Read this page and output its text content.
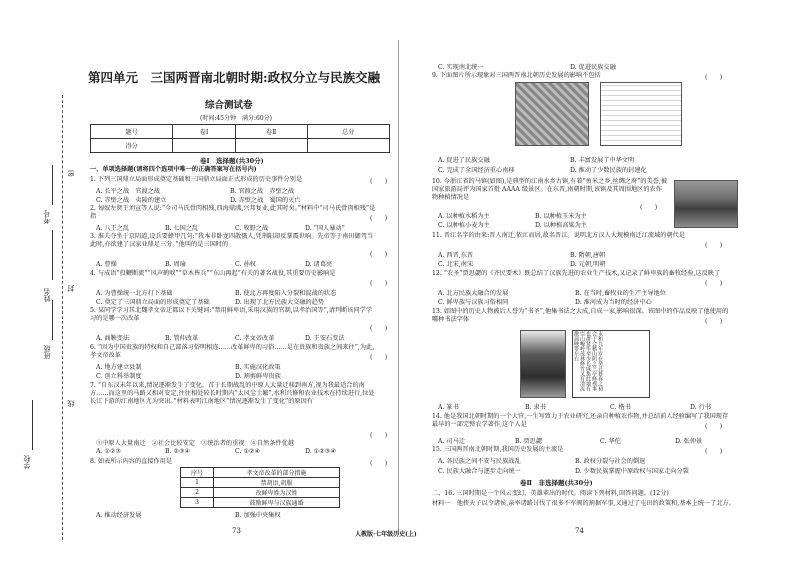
第四单元　三国两晋南北朝时期:政权分立与民族交融
综合测试卷
(时间:45分钟　满分:60分)
题号	卷Ⅰ	卷Ⅱ	总分
得分			
卷Ⅰ　选择题(共30分)
一、单项选择题(请将四个选项中唯一的正确答案写在括号内)
密
封
线
学校
班级
姓名
考号
1. 下列三国鼎立局面形成奠定基础和三国鼎立局面正式形成的历史事件分别是	(　　)
A. 长平之战　官渡之战	B. 官渡之战　赤壁之战
C. 赤壁之战　夷陵的建立	D. 赤壁之战　蜀国的灭亡
2. 匈奴左贤王刘宣等人说:“今司马氏骨肉相残,四海鼎沸,兴邦复业,此其时矣。”材料中“司马氏骨肉相残”是指	(　　)
A. 八王之乱	B. 七国之乱	C. 牧野之战	D. “国人暴动”
3. 淮夫夺坐于京阴道,设兵要蜂甲几句:“我本非卧龙四散俄人,凭荆阳却反掌震世响。先帝等于南田御驾当此时,亦欲建了汉家业鼎足三分。”他叫的是三国时的
(　　)
A. 曹操	B. 周瑜	C. 孙权	D. 诸葛亮
4. 与成语“投鞭断流”“风声鹤唳”“草木皆兵”“东山再起”有关的著名战役,其重要历史影响是
(　　)
A. 为曹操统一北方打下基础	B. 使北方再度陷入分裂和混战的状态
C. 奠定了三国鼎立局面的形成奠定了基础	D. 出现了北方民族大交融的趋势
5. 某同学学习其北魏孝文帝迁都以下关键词:“禁用鲜卑语,采用汉族的官制,以孝治国等”,请判断该同学学习的是哪一次改革
(　　)
A. 商鞅变法	B. 管仲改革	C. 孝文帝改革	D. 王安石变法
6. “因为中国贵族的特权和自己部落习俗明相连……改革鲜卑的习俗……是在贵族和贵族之间来往”,为此,孝文帝改革	(　　)
A. 地方建立县制	B. 实施汉化政策
C. 创立科举制度	D. 割剪鲜卑贵族
7. “自东汉末年以来,情况逐渐发生了变化。首于长期战乱的中原人大量迁移到南方,视为我最适合的南方……而这里的马路又相对安定,往往相处较长时期内“太风尘土繁”,水利兴修和农业技术在持续进行,位处长江下游的江南地区尤为突出。”材料表明江南地区“情况逐渐发生了变化”的原因有
(　　)
①中原人大量南迁　②社会比较安定　③统治者的重视　④自然条件优越
A. ①②③	B. ②③④	C. ①②④	D. ①②③④
8. 如表所示内容的直接作用是	(　　)
序号	孝文帝改革的部分措施
1	禁胡语,胡服
2	改鲜卑姓为汉姓
3	鼓励鲜卑与汉族通婚
A. 推动经济发展	B. 加强中央集权
73
C. 实现南北统一	D. 促进民族交融
9. 下面图片所示现象对三国两晋南北朝历史发展的影响不包括	(　　)
A. 促进了民族交融	B. 丰富发展了中华文明
C. 完成了全国经济重心南移	D. 推动了少数民族的封建化
10. 今浙江省的马镇(如图),是典型的江南水乡古镇,有着“鱼米之乡,丝绸之府”的美誉,被国家旅游局评为国家首批 AAAA 级景区。在东晋,南朝时期,该镇及其周围地区的农作物种植情况是
(　　)
A. 以种植水稻为主	B. 以种植玉米为主
C. 以种植小麦为主	D. 以种植高粱为主
11. 晋江名字的由来:晋人南迁,依江而居,故名晋江。说明北方汉人大规模南迁江流域的朝代是
(　　)
A. 西晋,东晋	B. 隋朝,唐朝
C. 北宋,南宋	D. 元朝,明朝
12. “农圣”贾思勰的《齐民要术》既总结了汉族先进的农业生产技术,又记录了鲜卑族的畜牧经验,这反映了
(　　)
A. 北方民族大融合的发展	B. 在当时,畜牧业的生产主导地位
C. 鲜卑族与汉族习俗相同	D. 淮河成为当时的经济中心
13. 如图中的历史人物被后人誉为“书圣”,他集书法之大成,自成一家,影响很深。该图中的作品反映了他使用的哪种书法字体	(　　)
永和九年岁在癸丑暮春之初会于会稽山阴之兰亭修禊事也群贤毕至少长咸集此地有崇山峻岭茂林修竹又有清流激湍映带左右
A. 篆书	B. 隶书	C. 楷书	D. 行书
14. 他是我国北朝时期的一个大官,一生写致力于农业研究,还亲自种植农作物,并总结前人经验编写了我国现存最早的一部完整农学著作,这个人是	(　　)
A. 司马迁	B. 贾思勰	C. 华佗	D. 张仲景
15. 三国两晋南北朝时期,我国历史发展的主流是	(　　)
A. 各民族之间不安与民族战乱	B. 政权分裂与社会的倒退
C. 民族大融合与逐步走向统一	D. 少数民族掌握中原政权与国家走向分裂
卷Ⅱ　非选择题(共30分)
二、16. 三国时期是一个风云变幻、英雄辈出的时代。阅读下列材料,回答问题。(12分)
材料一　他挟天子以令诸侯,亲率诸路讨伐了很多不军阀的割据军事,又通过了屯田的政策和,基本上统一了北方。
74
人教版·七年级历史(上)
